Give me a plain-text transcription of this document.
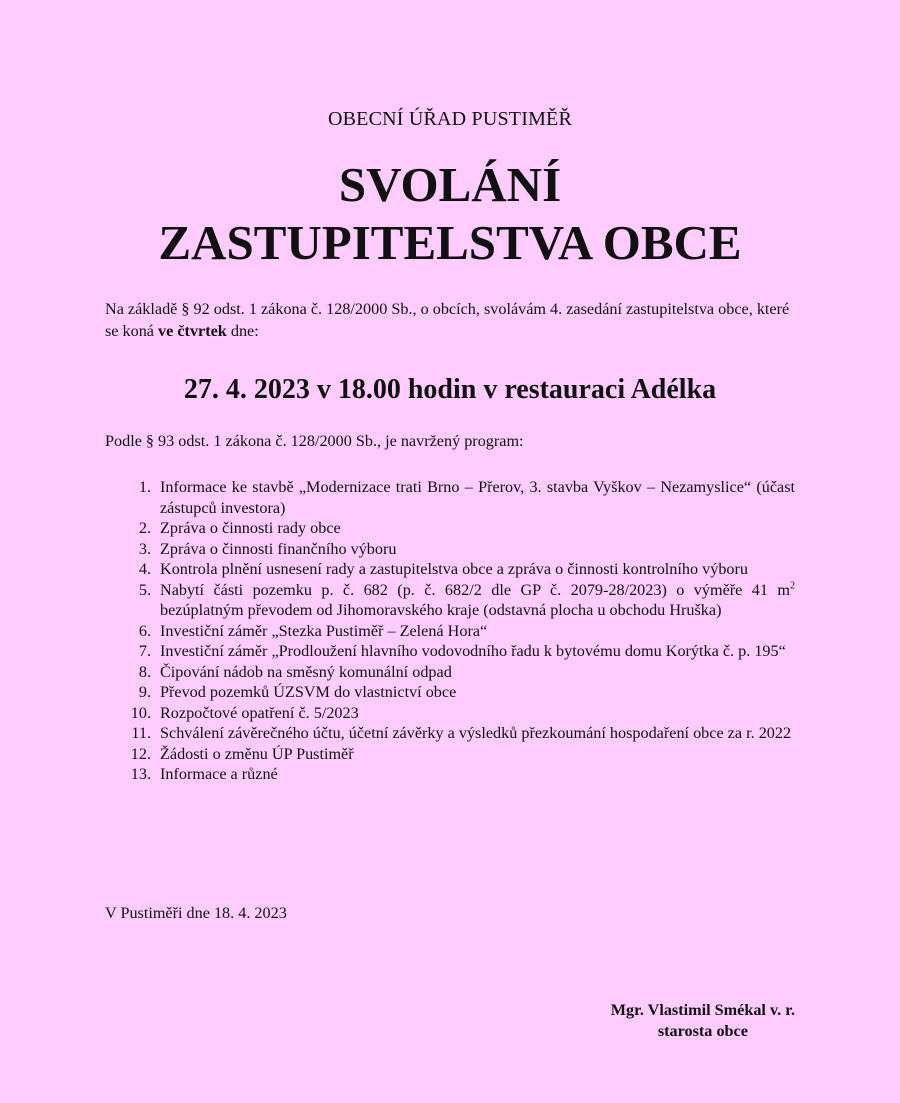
OBECNÍ ÚŘAD PUSTIMĚŘ
SVOLÁNÍ
ZASTUPITELSTVA OBCE
Na základě § 92 odst. 1 zákona č. 128/2000 Sb., o obcích, svolávám 4. zasedání zastupitelstva obce, které se koná ve čtvrtek dne:
27. 4. 2023 v 18.00 hodin v restauraci Adélka
Podle § 93 odst. 1 zákona č. 128/2000 Sb., je navržený program:
1. Informace ke stavbě „Modernizace trati Brno – Přerov, 3. stavba Vyškov – Nezamyslice“ (účast zástupců investora)
2. Zpráva o činnosti rady obce
3. Zpráva o činnosti finančního výboru
4. Kontrola plnění usnesení rady a zastupitelstva obce a zpráva o činnosti kontrolního výboru
5. Nabytí části pozemku p. č. 682 (p. č. 682/2 dle GP č. 2079-28/2023) o výměře 41 $m^2$ bezúplatným převodem od Jihomoravského kraje (odstavná plocha u obchodu Hruška)
6. Investiční záměr „Stezka Pustiměř – Zelená Hora“
7. Investiční záměr „Prodloužení hlavního vodovodního řadu k bytovému domu Korýtka č. p. 195“
8. Čipování nádob na směsný komunální odpad
9. Převod pozemků ÚZSVM do vlastnictví obce
10. Rozpočtové opatření č. 5/2023
11. Schválení závěrečného účtu, účetní závěrky a výsledků přezkoumání hospodaření obce za r. 2022
12. Žádosti o změnu ÚP Pustiměř
13. Informace a různé
V Pustiměři dne 18. 4. 2023
Mgr. Vlastimil Smékal v. r.
starosta obce
